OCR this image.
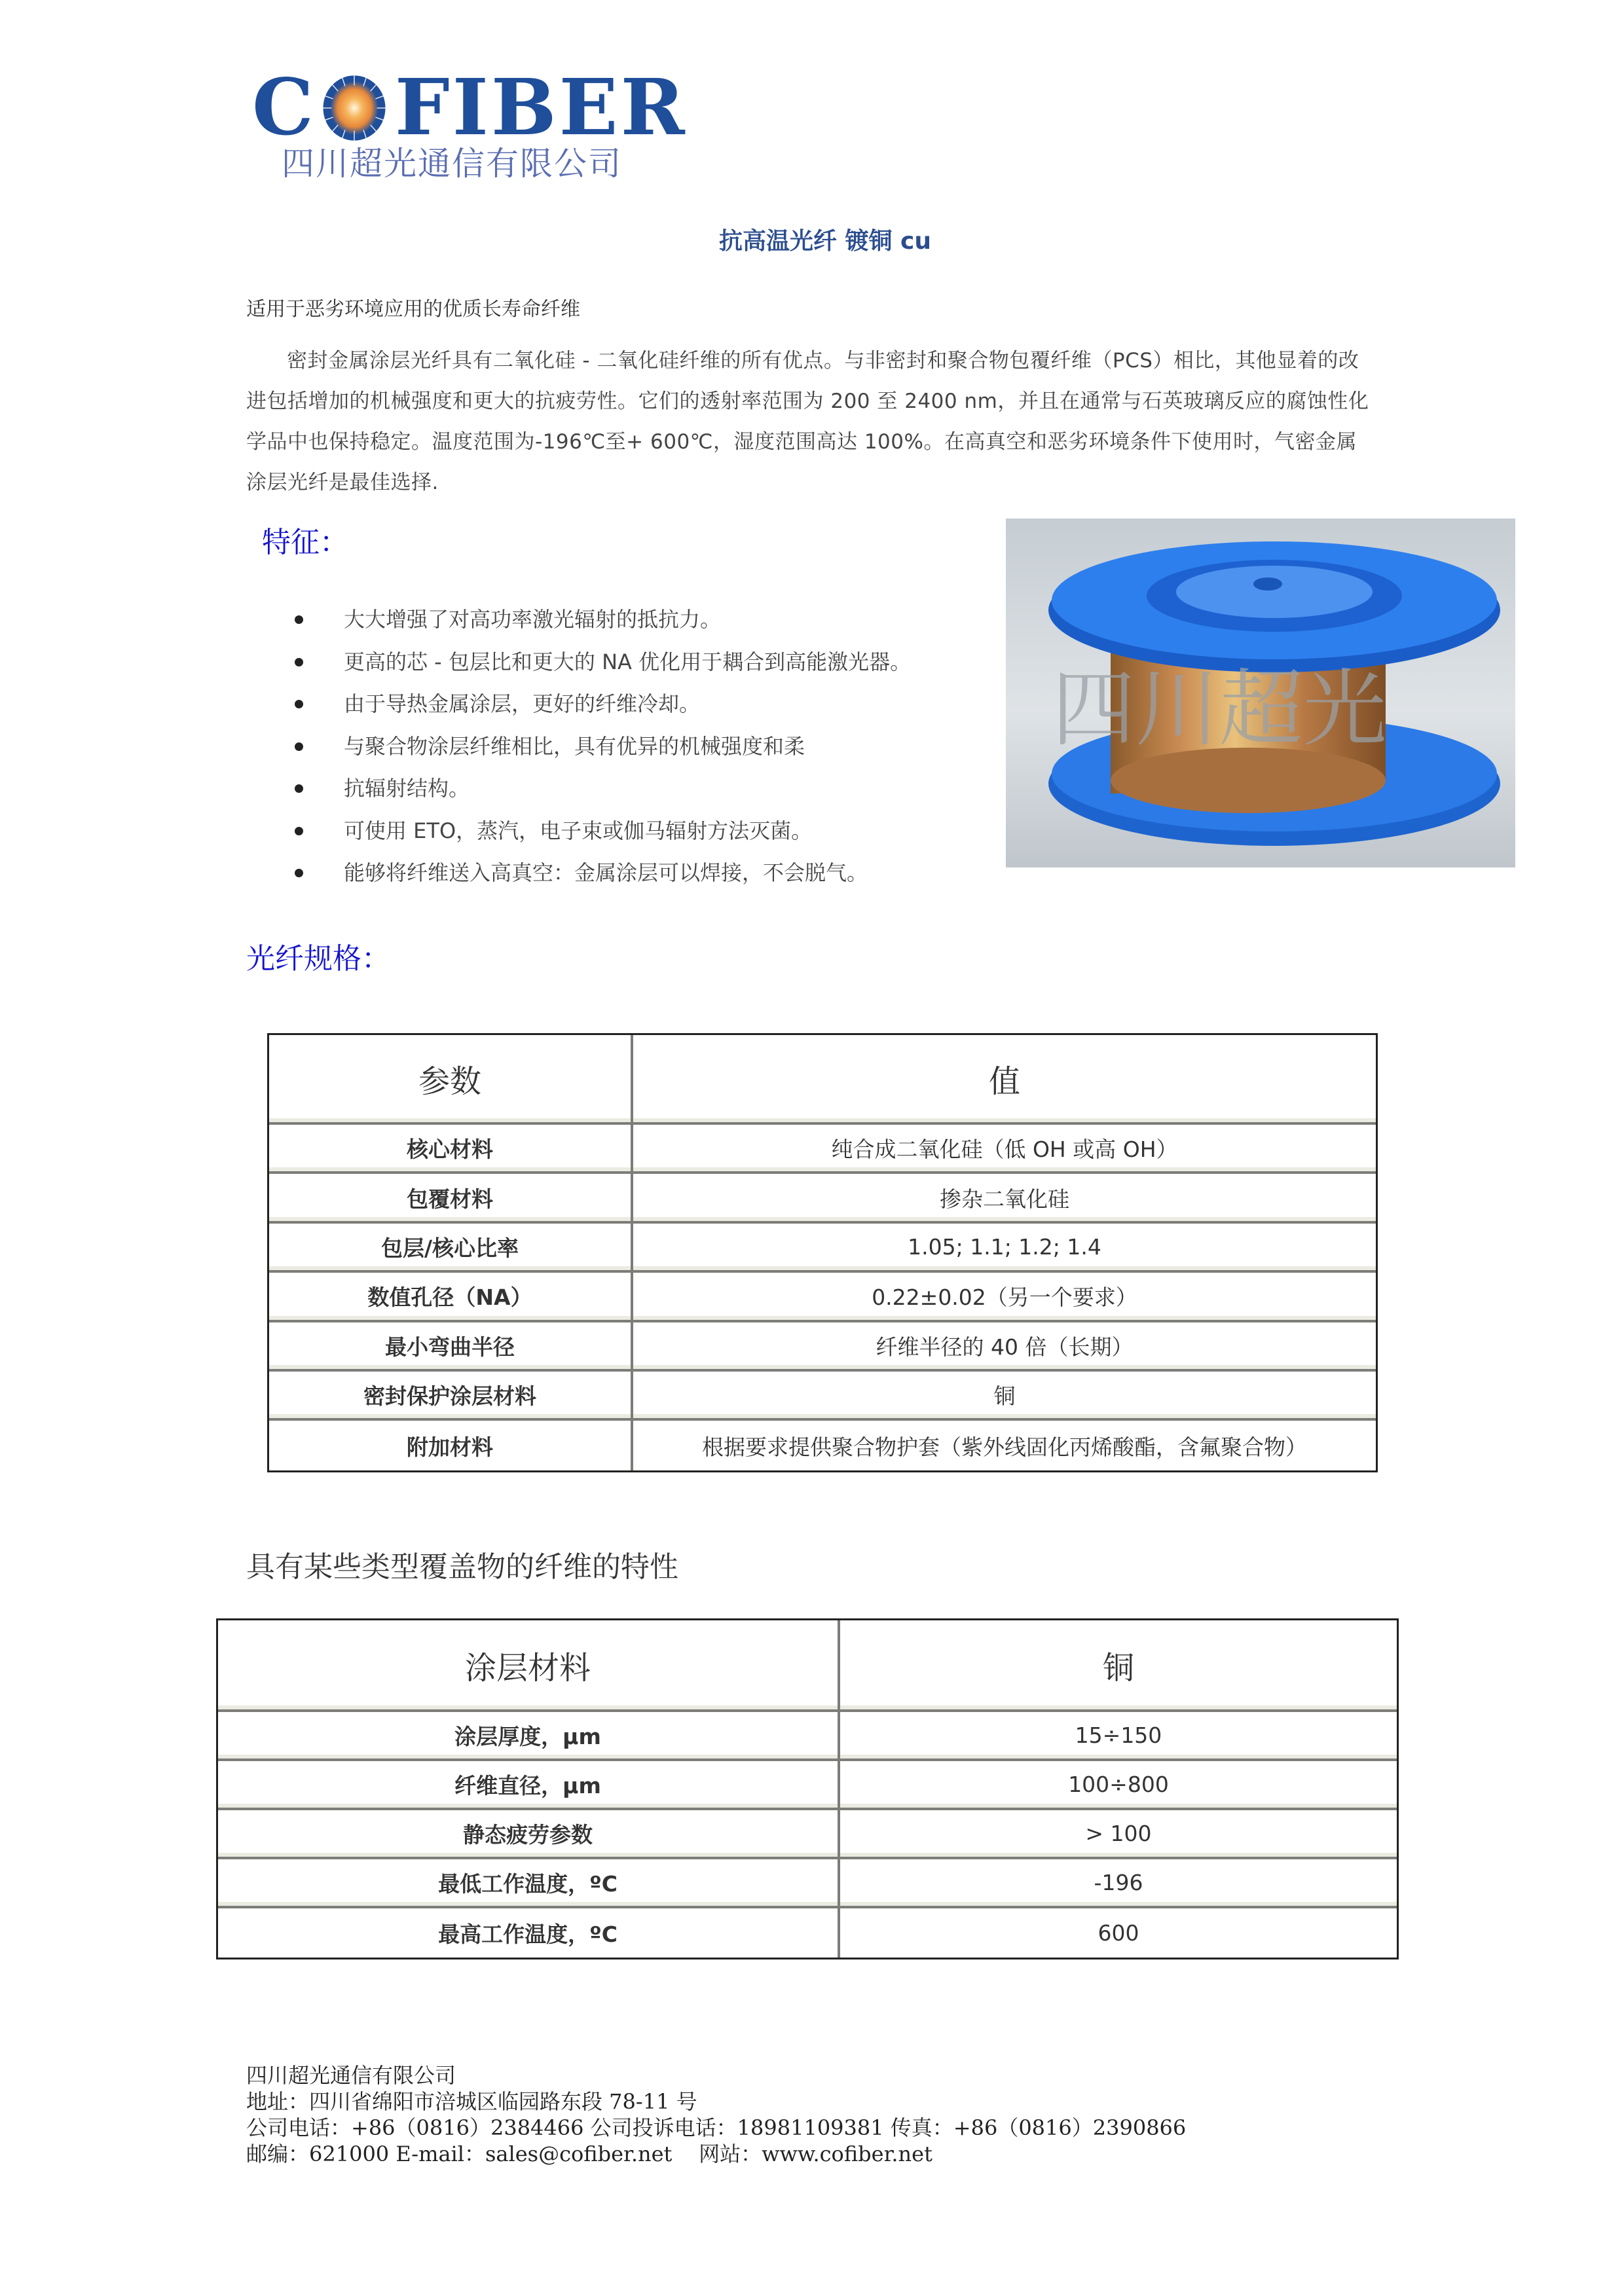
C FIBER
四川超光通信有限公司
抗高温光纤 镀铜 cu
适用于恶劣环境应用的优质长寿命纤维

密封金属涂层光纤具有二氧化硅 - 二氧化硅纤维的所有优点。与非密封和聚合物包覆纤维（PCS）相比，其他显着的改进包括增加的机械强度和更大的抗疲劳性。它们的透射率范围为 200 至 2400 nm，并且在通常与石英玻璃反应的腐蚀性化学品中也保持稳定。温度范围为-196℃至+ 600℃，湿度范围高达 100%。在高真空和恶劣环境条件下使用时，气密金属涂层光纤是最佳选择.

特征：
大大增强了对高功率激光辐射的抵抗力。
更高的芯 - 包层比和更大的 NA 优化用于耦合到高能激光器。
由于导热金属涂层，更好的纤维冷却。
与聚合物涂层纤维相比，具有优异的机械强度和柔
抗辐射结构。
可使用 ETO，蒸汽，电子束或伽马辐射方法灭菌。
能够将纤维送入高真空：金属涂层可以焊接，不会脱气。
四川超光
光纤规格：
参数	值
核心材料	纯合成二氧化硅（低 OH 或高 OH）
包覆材料	掺杂二氧化硅
包层/核心比率	1.05; 1.1; 1.2; 1.4
数值孔径（NA）	0.22±0.02（另一个要求）
最小弯曲半径	纤维半径的 40 倍（长期）
密封保护涂层材料	铜
附加材料	根据要求提供聚合物护套（紫外线固化丙烯酸酯，含氟聚合物）
具有某些类型覆盖物的纤维的特性
涂层材料	铜
涂层厚度，μm	15÷150
纤维直径，μm	100÷800
静态疲劳参数	> 100
最低工作温度，ºC	-196
最高工作温度，ºC	600
四川超光通信有限公司
地址：四川省绵阳市涪城区临园路东段 78-11 号
公司电话：+86（0816）2384466 公司投诉电话：18981109381 传真：+86（0816）2390866
邮编：621000 E-mail：sales@cofiber.net    网站：www.cofiber.net
